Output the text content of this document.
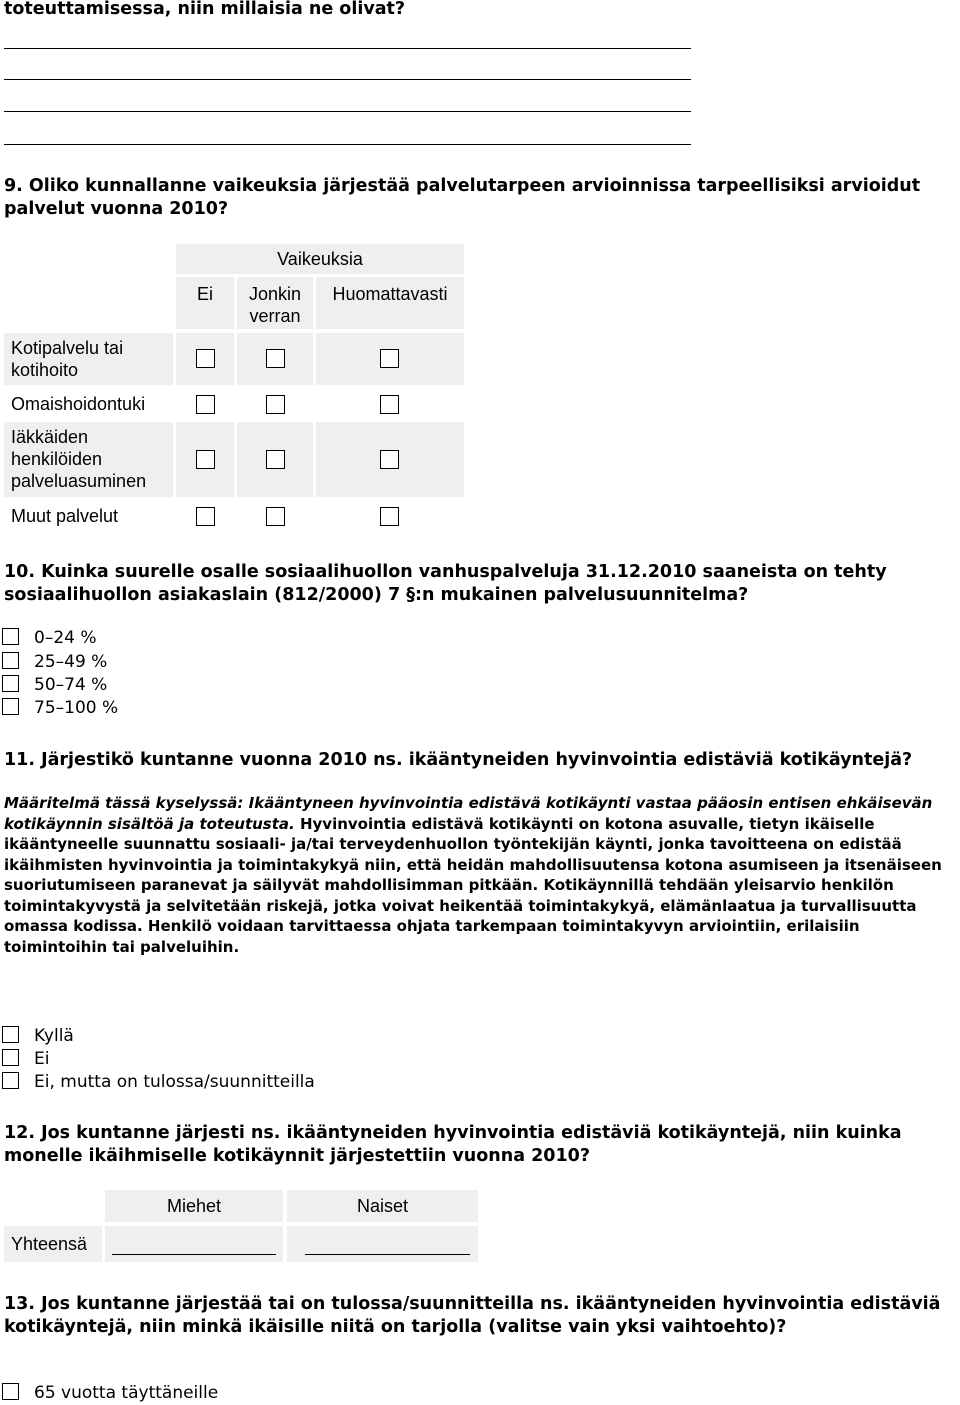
toteuttamisessa, niin millaisia ne olivat?
9. Oliko kunnallanne vaikeuksia järjestää palvelutarpeen arvioinnissa tarpeellisiksi arvioidut palvelut vuonna 2010?
Vaikeuksia
Ei	Jonkin verran
Huomattavasti
Kotipalvelu tai kotihoito
Omaishoidontuki
Iäkkäiden henkilöiden palveluasuminen
Muut palvelut
10. Kuinka suurelle osalle sosiaalihuollon vanhuspalveluja 31.12.2010 saaneista on tehty sosiaalihuollon asiakaslain (812/2000) 7 §:n mukainen palvelusuunnitelma?
0–24 %
25–49 %
50–74 %
75–100 %
11. Järjestikö kuntanne vuonna 2010 ns. ikääntyneiden hyvinvointia edistäviä kotikäyntejä?
Määritelmä tässä kyselyssä: Ikääntyneen hyvinvointia edistävä kotikäynti vastaa pääosin entisen ehkäisevän kotikäynnin sisältöä ja toteutusta. Hyvinvointia edistävä kotikäynti on kotona asuvalle, tietyn ikäiselle ikääntyneelle suunnattu sosiaali- ja/tai terveydenhuollon työntekijän käynti, jonka tavoitteena on edistää ikäihmisten hyvinvointia ja toimintakykyä niin, että heidän mahdollisuutensa kotona asumiseen ja itsenäiseen suoriutumiseen paranevat ja säilyvät mahdollisimman pitkään. Kotikäynnillä tehdään yleisarvio henkilön toimintakyvystä ja selvitetään riskejä, jotka voivat heikentää toimintakykyä, elämänlaatua ja turvallisuutta omassa kodissa. Henkilö voidaan tarvittaessa ohjata tarkempaan toimintakyvyn arviointiin, erilaisiin toimintoihin tai palveluihin.
Kyllä
Ei
Ei, mutta on tulossa/suunnitteilla
12. Jos kuntanne järjesti ns. ikääntyneiden hyvinvointia edistäviä kotikäyntejä, niin kuinka monelle ikäihmiselle kotikäynnit järjestettiin vuonna 2010?
Miehet	Naiset
Yhteensä
13. Jos kuntanne järjestää tai on tulossa/suunnitteilla ns. ikääntyneiden hyvinvointia edistäviä kotikäyntejä, niin minkä ikäisille niitä on tarjolla (valitse vain yksi vaihtoehto)?
65 vuotta täyttäneille
